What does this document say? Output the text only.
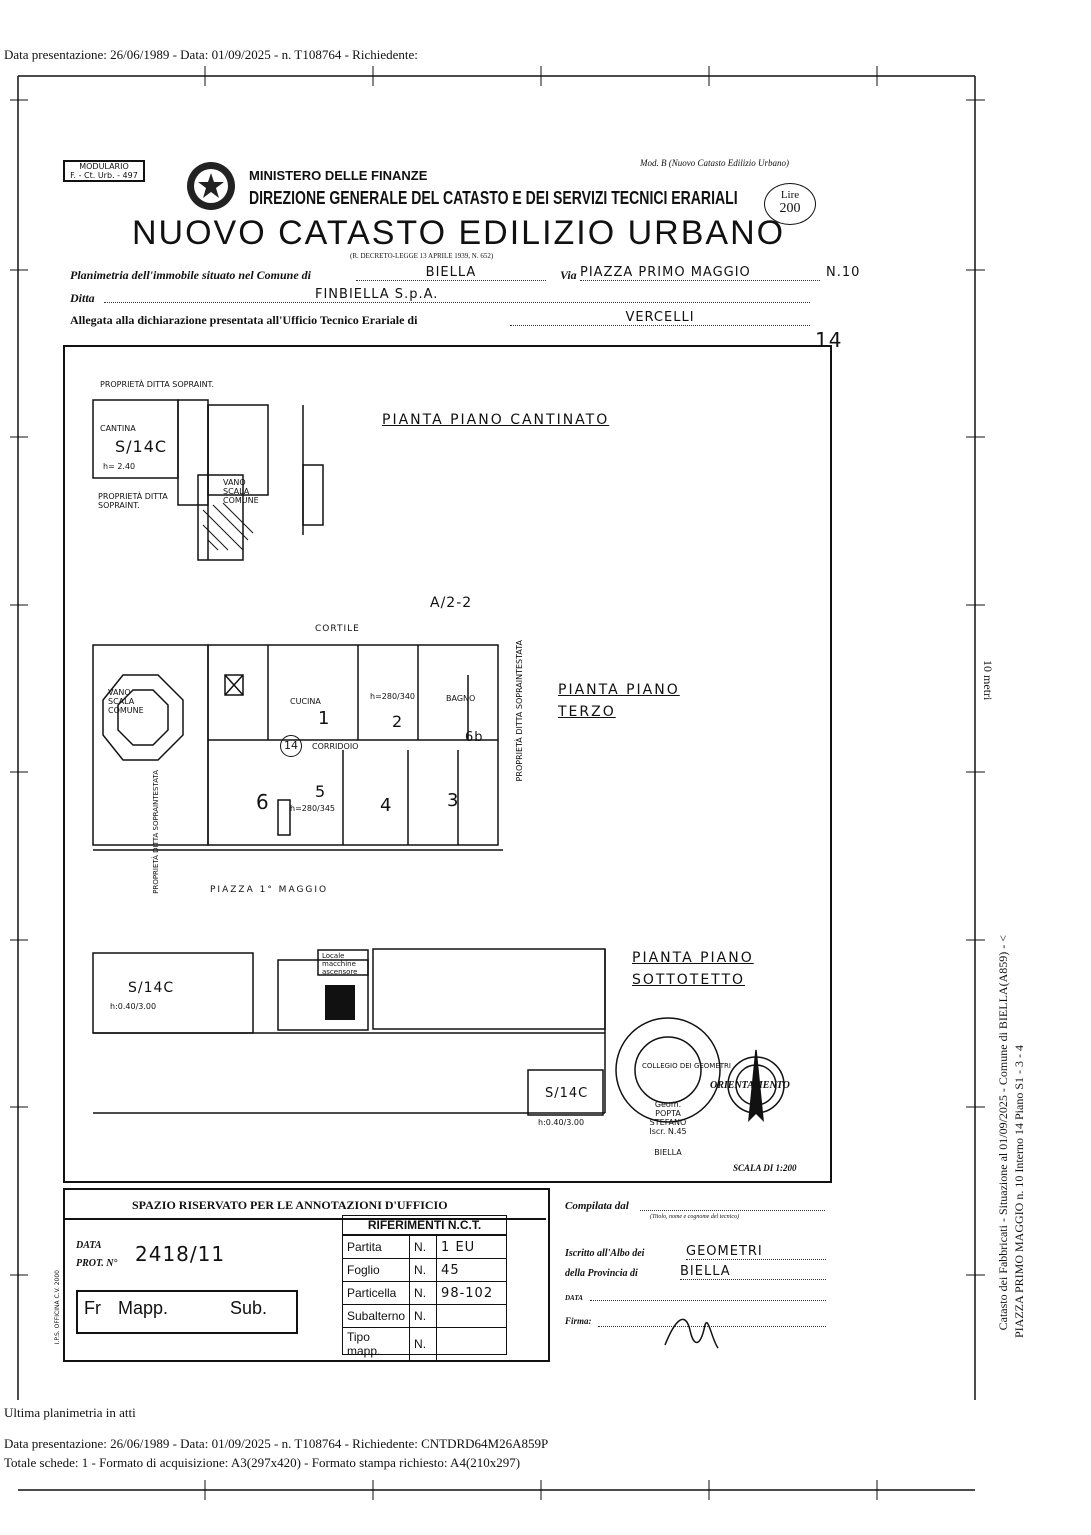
Data presentazione: 26/06/1989 - Data: 01/09/2025 - n. T108764 - Richiedente:
MODULARIO
F. - Ct. Urb. - 497
Mod. B (Nuovo Catasto Edilizio Urbano)
MINISTERO DELLE FINANZE
DIREZIONE GENERALE DEL CATASTO E DEI SERVIZI TECNICI ERARIALI	Lire
200
NUOVO CATASTO EDILIZIO URBANO
(R. DECRETO-LEGGE 13 APRILE 1939, N. 652)
Planimetria dell'immobile situato nel Comune di	BIELLA	Via PIAZZA PRIMO MAGGIO	N.10
Ditta	FINBIELLA S.p.A.
Allegata alla dichiarazione presentata all'Ufficio Tecnico Erariale di	VERCELLI
14
PIANTA PIANO CANTINATO
PROPRIETÀ DITTA SOPRAINT.
CANTINA
S/14C
h= 2.40
VANO SCALA COMUNE
PROPRIETÀ DITTA SOPRAINT.
A/2-2
CORTILE
PIANTA PIANO
TERZO
VANO SCALA COMUNE
CUCINA
h=280/340	BAGNO
CORRIDOIO
14
1	2
6b
6	5
4	3
h=280/345
PROPRIETÀ DITTA SOPRAINTESTATA
PROPRIETÀ DITTA SOPRAINTESTATA	PIAZZA 1° MAGGIO
PIANTA PIANO
SOTTOTETTO
S/14C
h:0.40/3.00
Locale macchine ascensore
S/14C
h:0.40/3.00
COLLEGIO DEI GEOMETRI
Geom. POPTA STEFANO Iscr. N.45
BIELLA
ORIENTAMENTO
SCALA DI 1:200
SPAZIO RISERVATO PER LE ANNOTAZIONI D'UFFICIO
DATA
PROT. N° 2418/11
Fr Mapp.	Sub.
I.P.S. OFFICINA C.V. 2000
RIFERIMENTI N.C.T.
Partita	N.	1 EU
Foglio	N.	45
Particella	N.	98-102
Subalterno	N.	
Tipo mapp.	N.	
Compilata dal
(Titolo, nome e cognome del tecnico)
Iscritto all'Albo dei	GEOMETRI
della Provincia di	BIELLA
DATA
Firma:
10 metri
Catasto dei Fabbricati - Situazione al 01/09/2025 - Comune di BIELLA(A859) - < PIAZZA PRIMO MAGGIO n. 10 Interno 14 Piano S1 - 3 - 4
Ultima planimetria in atti
Data presentazione: 26/06/1989 - Data: 01/09/2025 - n. T108764 - Richiedente: CNTDRD64M26A859P
Totale schede: 1 - Formato di acquisizione: A3(297x420) - Formato stampa richiesto: A4(210x297)
